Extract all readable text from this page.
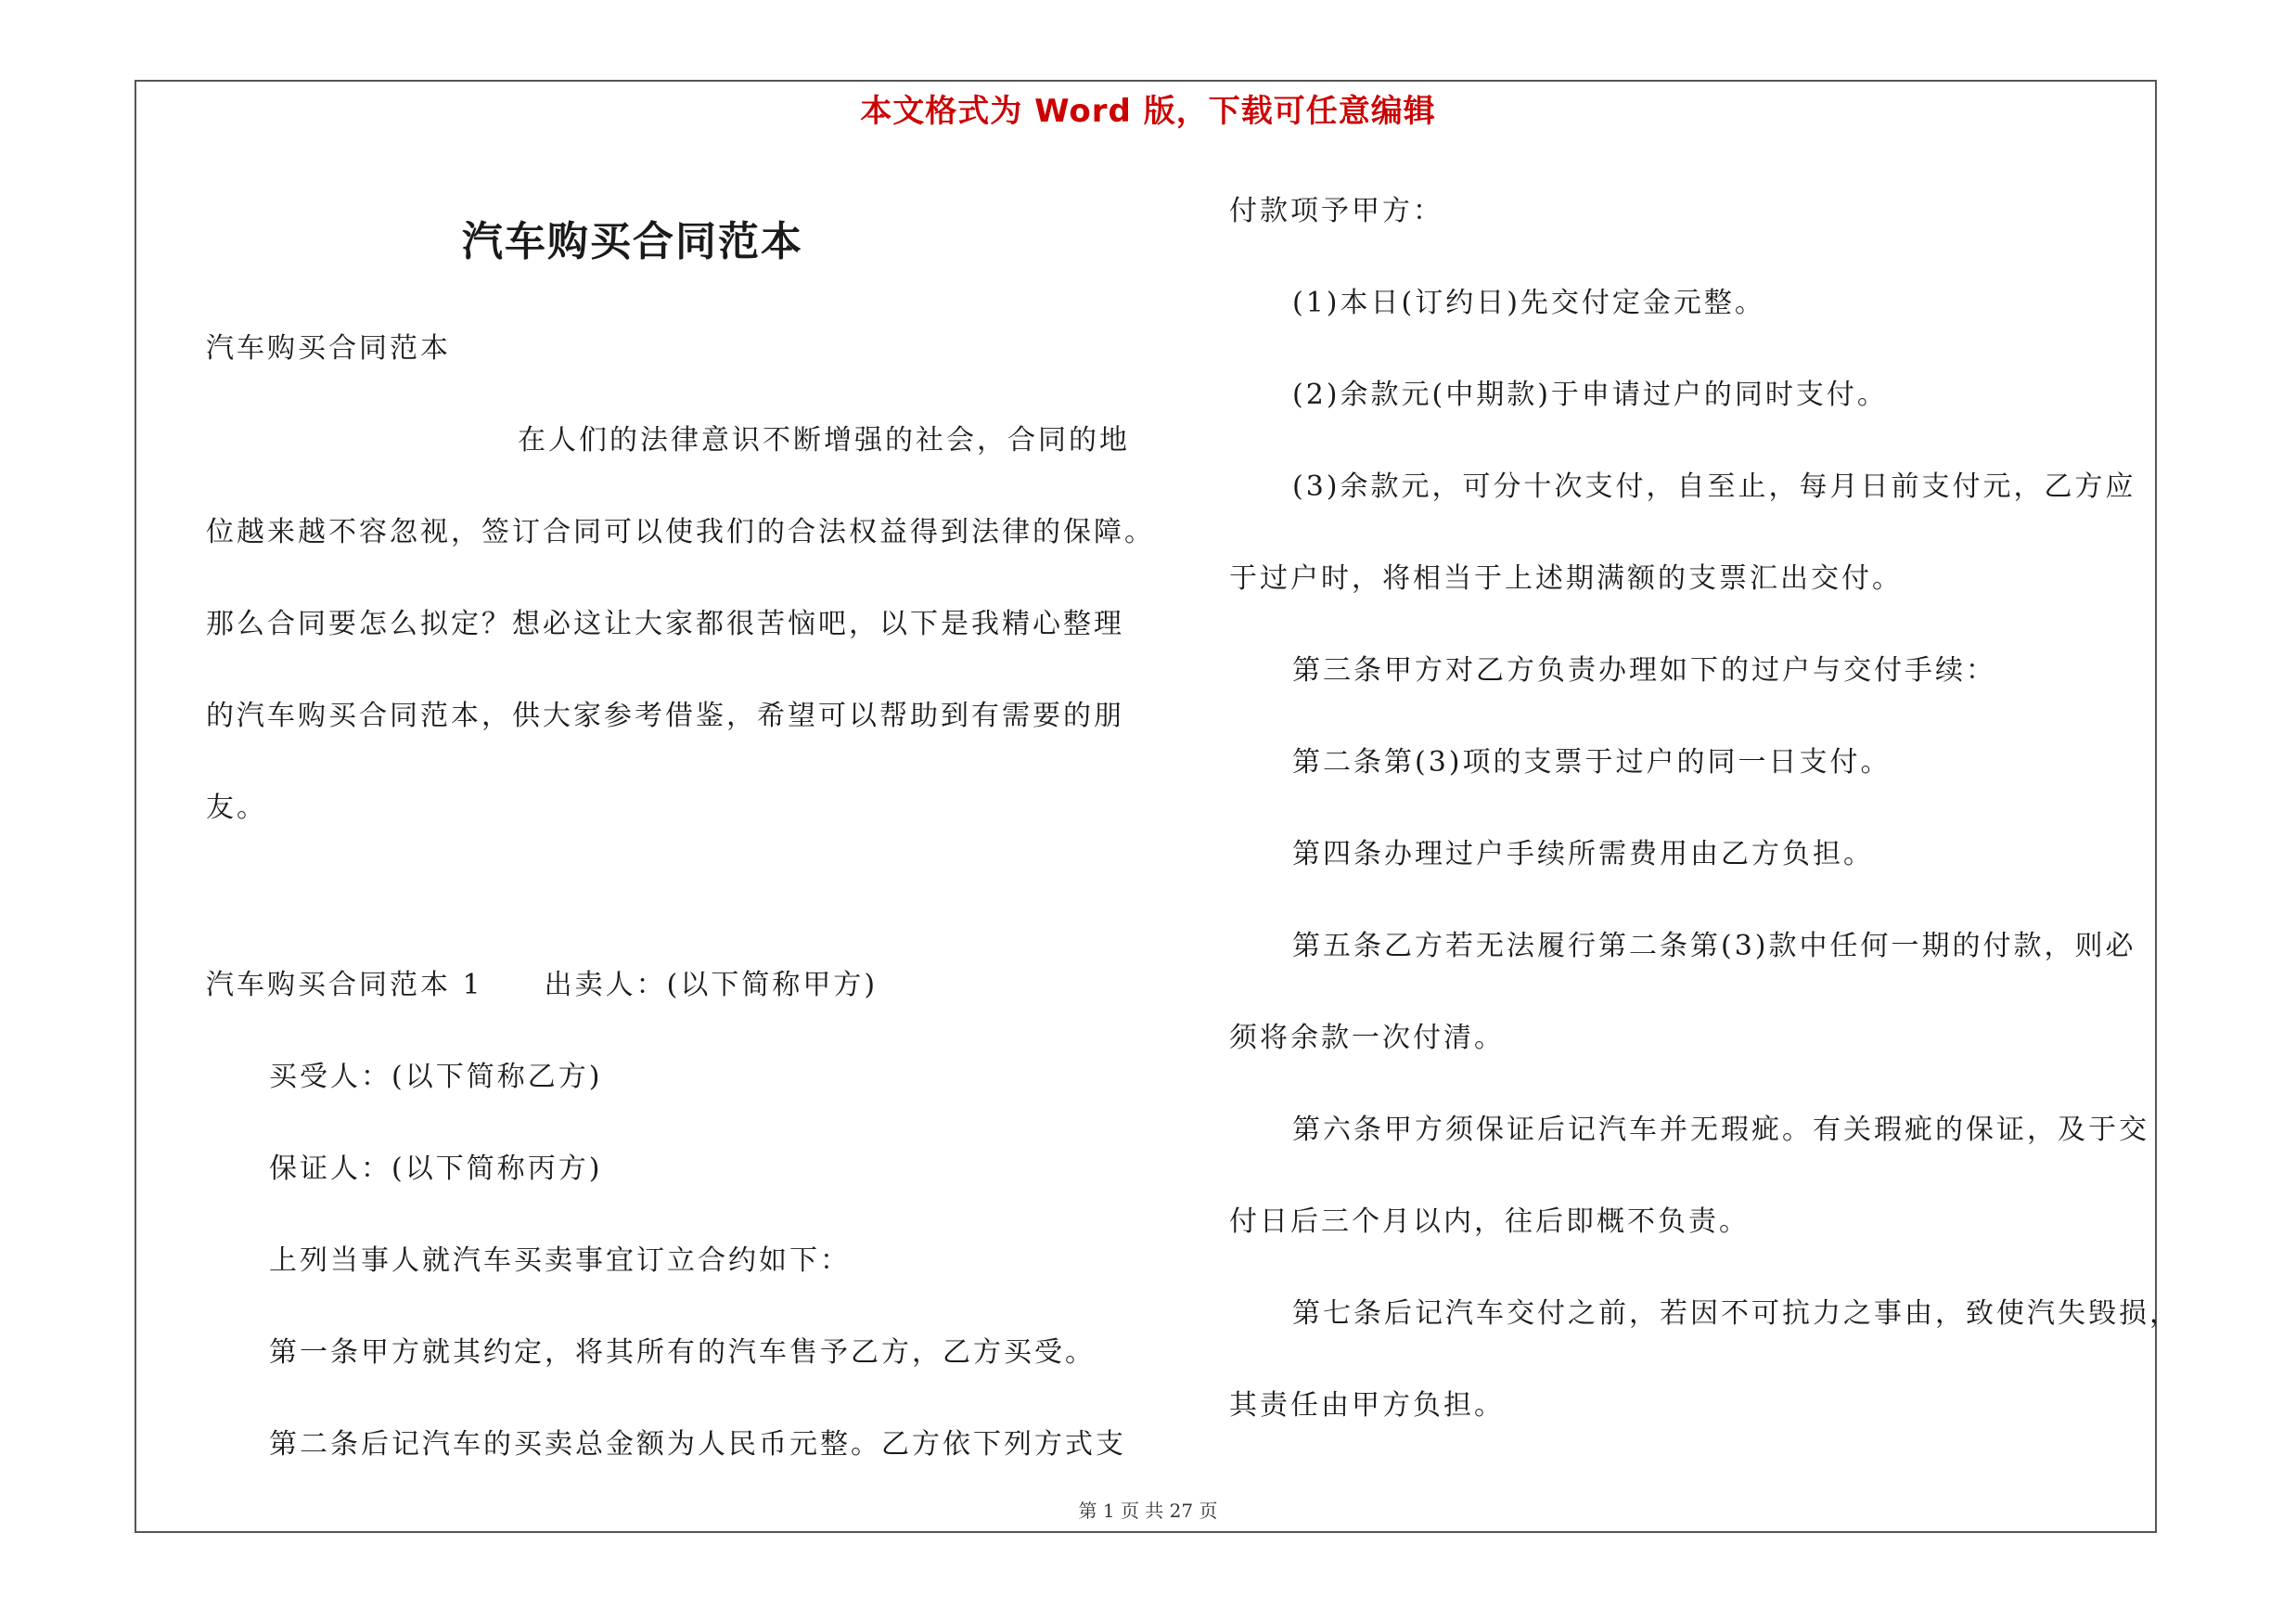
本文格式为 Word 版，下载可任意编辑
汽车购买合同范本
汽车购买合同范本
在人们的法律意识不断增强的社会，合同的地
位越来越不容忽视，签订合同可以使我们的合法权益得到法律的保障。
那么合同要怎么拟定？想必这让大家都很苦恼吧，以下是我精心整理
的汽车购买合同范本，供大家参考借鉴，希望可以帮助到有需要的朋
友。
汽车购买合同范本 1　　出卖人：(以下简称甲方)
买受人：(以下简称乙方)
保证人：(以下简称丙方)
上列当事人就汽车买卖事宜订立合约如下：
第一条甲方就其约定，将其所有的汽车售予乙方，乙方买受。
第二条后记汽车的买卖总金额为人民币元整。乙方依下列方式支
付款项予甲方：
(1)本日(订约日)先交付定金元整。
(2)余款元(中期款)于申请过户的同时支付。
(3)余款元，可分十次支付，自至止，每月日前支付元，乙方应
于过户时，将相当于上述期满额的支票汇出交付。
第三条甲方对乙方负责办理如下的过户与交付手续：
第二条第(3)项的支票于过户的同一日支付。
第四条办理过户手续所需费用由乙方负担。
第五条乙方若无法履行第二条第(3)款中任何一期的付款，则必
须将余款一次付清。
第六条甲方须保证后记汽车并无瑕疵。有关瑕疵的保证，及于交
付日后三个月以内，往后即概不负责。
第七条后记汽车交付之前，若因不可抗力之事由，致使汽失毁损，
其责任由甲方负担。
第 1 页 共 27 页
